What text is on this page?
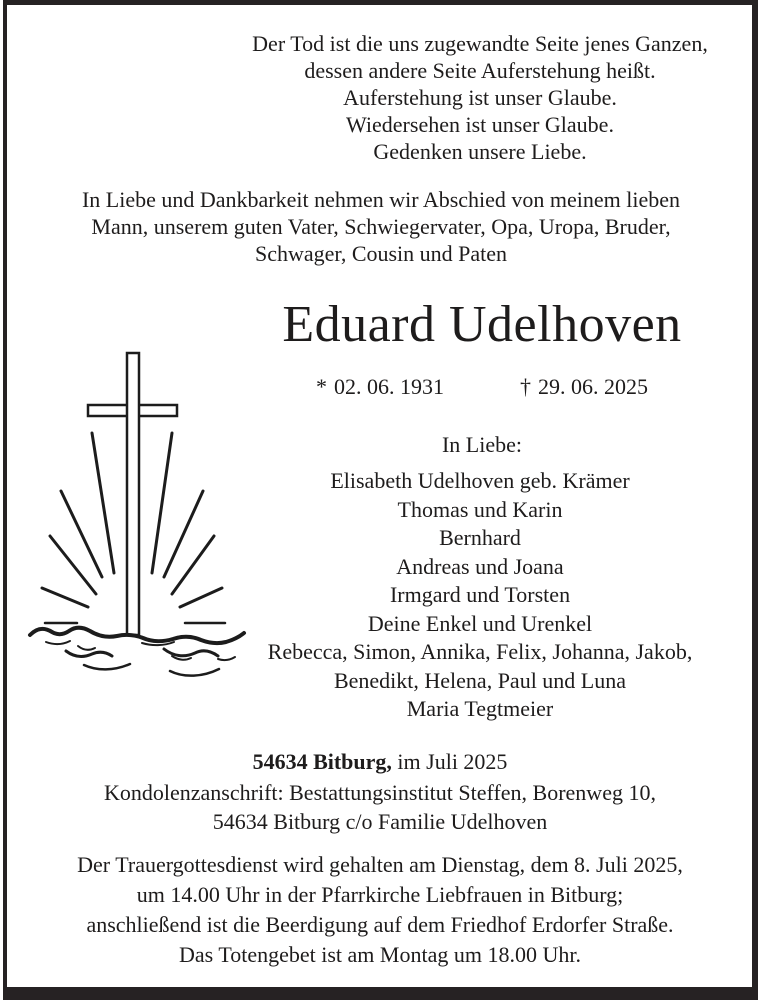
Der Tod ist die uns zugewandte Seite jenes Ganzen,
dessen andere Seite Auferstehung heißt.
Auferstehung ist unser Glaube.
Wiedersehen ist unser Glaube.
Gedenken unsere Liebe.
In Liebe und Dankbarkeit nehmen wir Abschied von meinem lieben
Mann, unserem guten Vater, Schwiegervater, Opa, Uropa, Bruder,
Schwager, Cousin und Paten
Eduard Udelhoven
* 02. 06. 1931	† 29. 06. 2025
In Liebe:
Elisabeth Udelhoven geb. Krämer
Thomas und Karin
Bernhard
Andreas und Joana
Irmgard und Torsten
Deine Enkel und Urenkel
Rebecca, Simon, Annika, Felix, Johanna, Jakob,
Benedikt, Helena, Paul und Luna
Maria Tegtmeier
54634 Bitburg, im Juli 2025
Kondolenzanschrift: Bestattungsinstitut Steffen, Borenweg 10,
54634 Bitburg c/o Familie Udelhoven
Der Trauergottesdienst wird gehalten am Dienstag, dem 8. Juli 2025,
um 14.00 Uhr in der Pfarrkirche Liebfrauen in Bitburg;
anschließend ist die Beerdigung auf dem Friedhof Erdorfer Straße.
Das Totengebet ist am Montag um 18.00 Uhr.
